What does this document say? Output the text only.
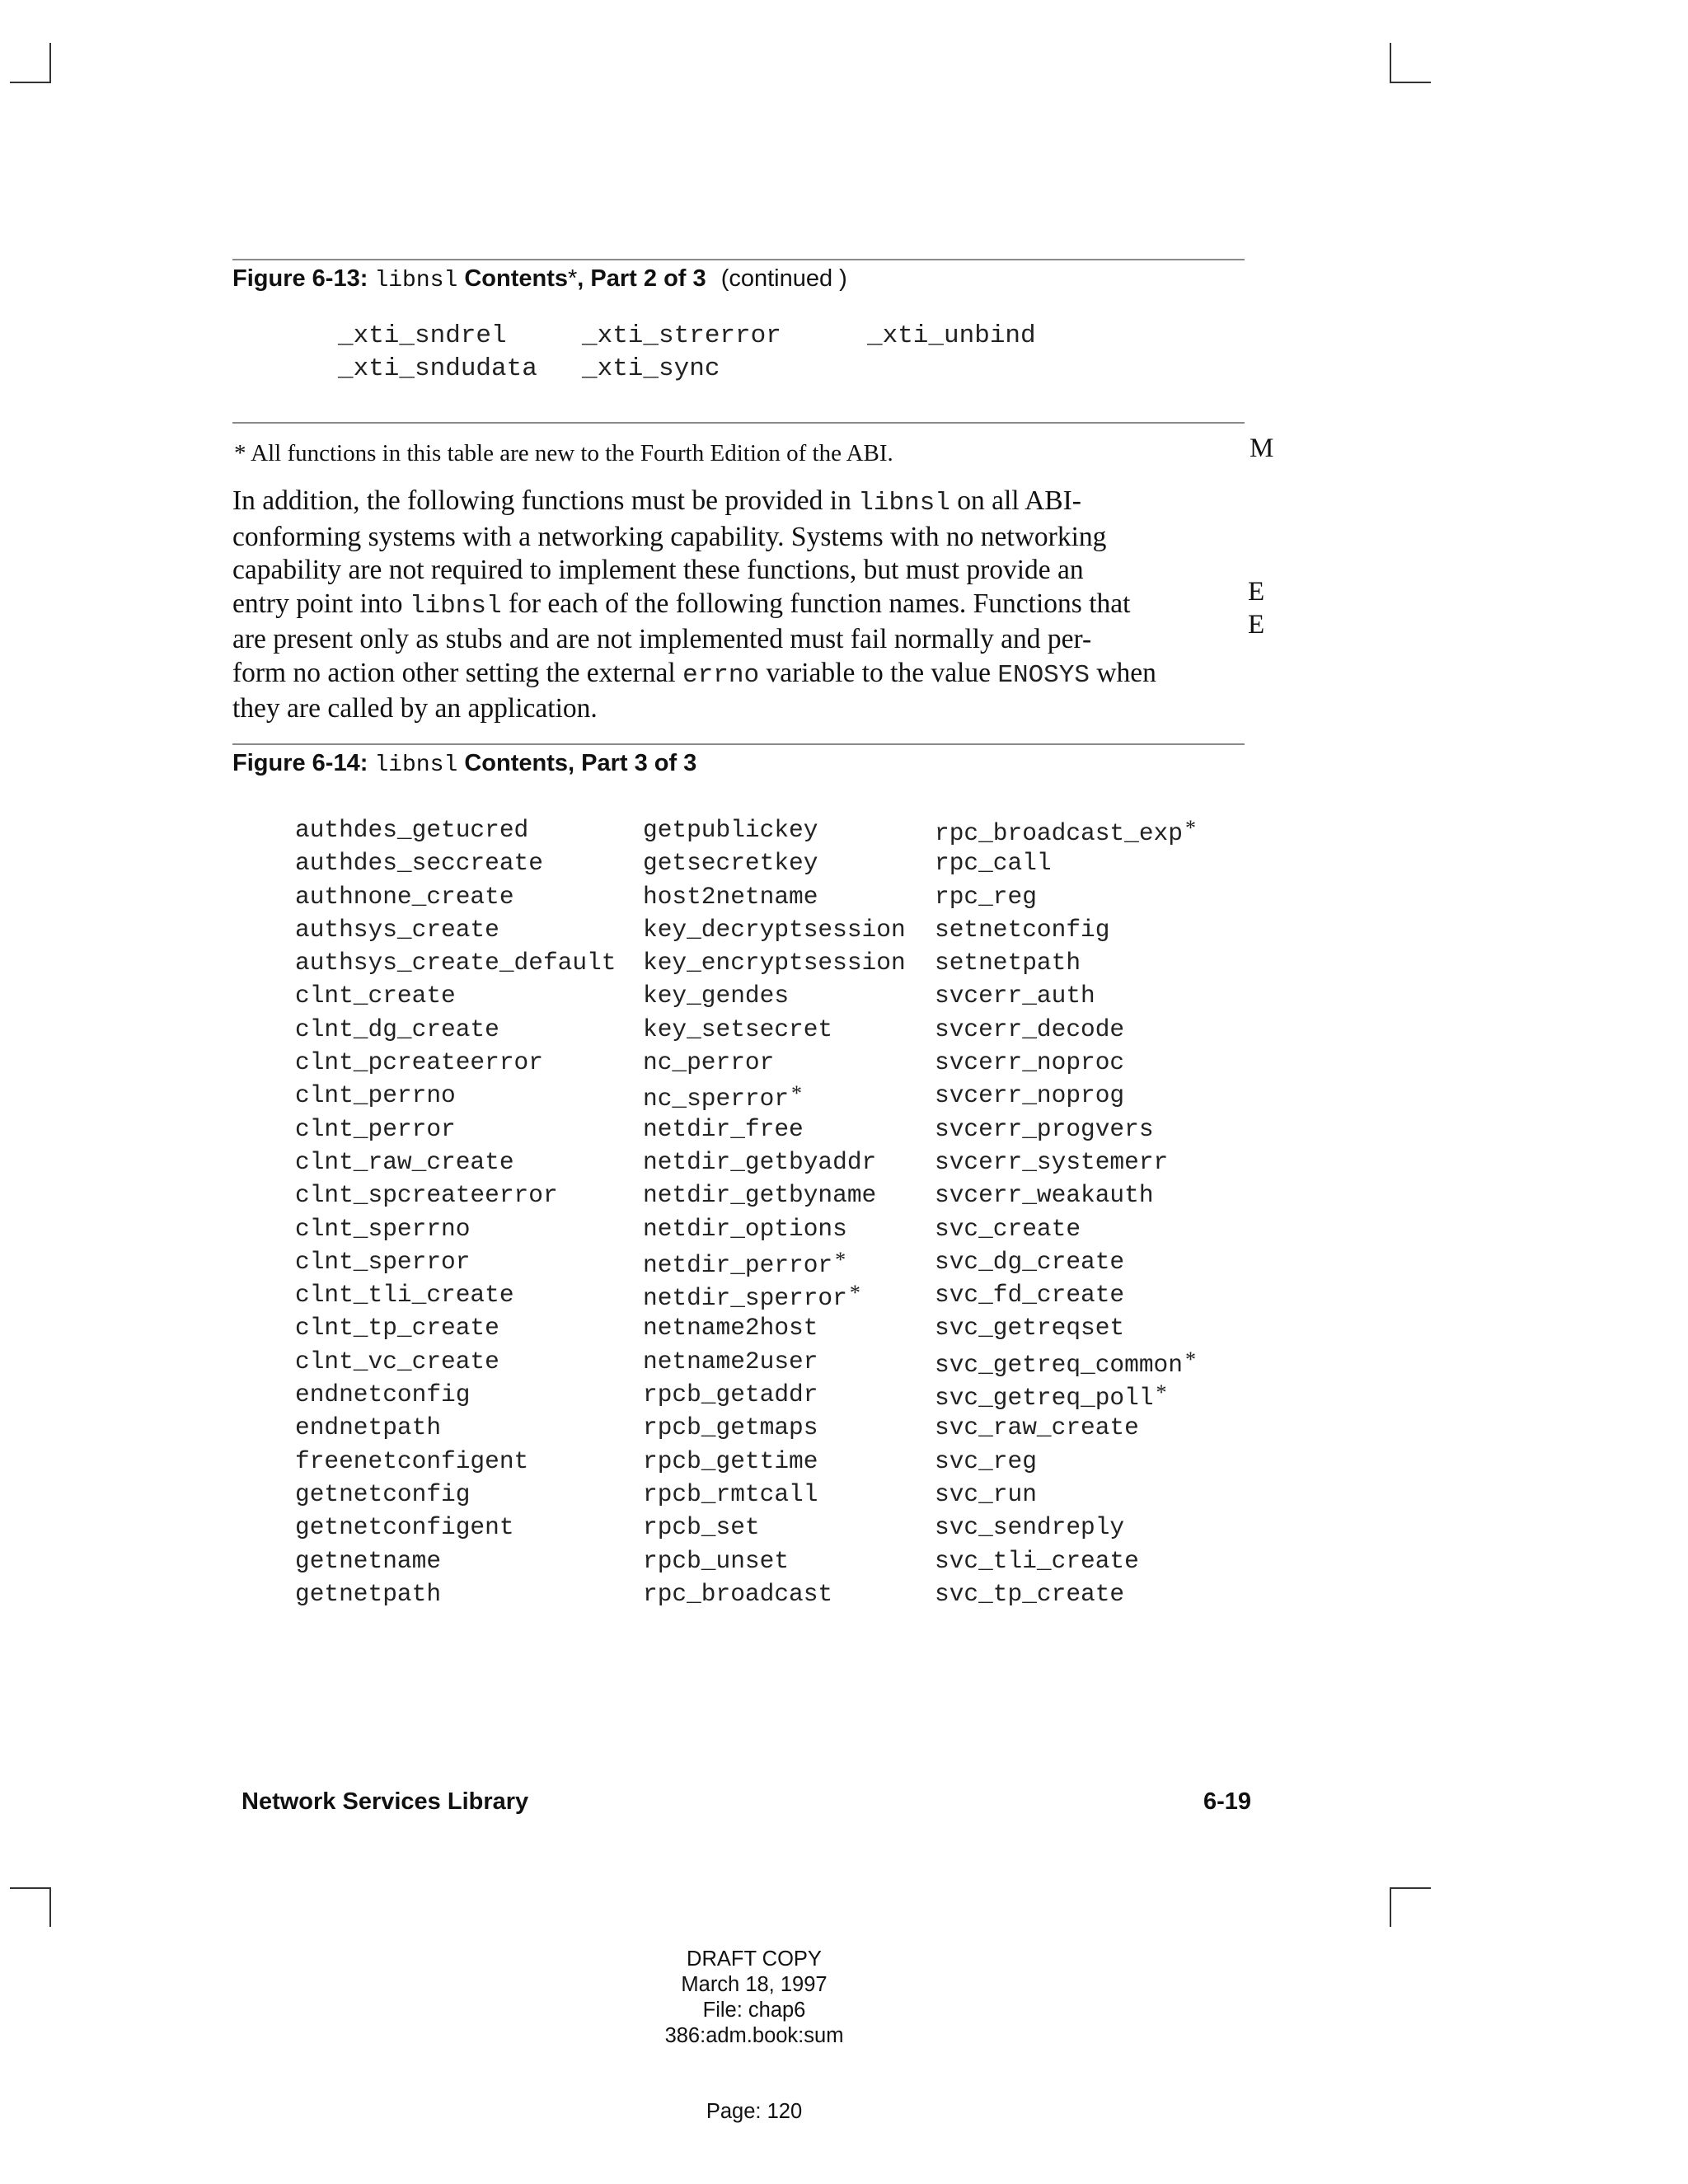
Figure 6-13: libnsl Contents*, Part 2 of 3 (continued )
_xti_sndrel	_xti_strerror	_xti_unbind
_xti_sndudata	_xti_sync
* All functions in this table are new to the Fourth Edition of the ABI.	M
In addition, the following functions must be provided in libnsl on all ABI-
conforming systems with a networking capability. Systems with no networking
capability are not required to implement these functions, but must provide an
entry point into libnsl for each of the following function names. Functions that
are present only as stubs and are not implemented must fail normally and per-
form no action other setting the external errno variable to the value ENOSYS when
they are called by an application.
E
E
Figure 6-14: libnsl Contents, Part 3 of 3
authdes_getucred	getpublickey	rpc_broadcast_exp *
authdes_seccreate	getsecretkey	rpc_call
authnone_create	host2netname	rpc_reg
authsys_create	key_decryptsession	setnetconfig
authsys_create_default	key_encryptsession	setnetpath
clnt_create	key_gendes	svcerr_auth
clnt_dg_create	key_setsecret	svcerr_decode
clnt_pcreateerror	nc_perror	svcerr_noproc
clnt_perrno	nc_sperror *	svcerr_noprog
clnt_perror	netdir_free	svcerr_progvers
clnt_raw_create	netdir_getbyaddr	svcerr_systemerr
clnt_spcreateerror	netdir_getbyname	svcerr_weakauth
clnt_sperrno	netdir_options	svc_create
clnt_sperror	netdir_perror *	svc_dg_create
clnt_tli_create	netdir_sperror *	svc_fd_create
clnt_tp_create	netname2host	svc_getreqset
clnt_vc_create	netname2user	svc_getreq_common *
endnetconfig	rpcb_getaddr	svc_getreq_poll *
endnetpath	rpcb_getmaps	svc_raw_create
freenetconfigent	rpcb_gettime	svc_reg
getnetconfig	rpcb_rmtcall	svc_run
getnetconfigent	rpcb_set	svc_sendreply
getnetname	rpcb_unset	svc_tli_create
getnetpath	rpc_broadcast	svc_tp_create
Network Services Library	6-19
DRAFT COPY
March 18, 1997
File: chap6
386:adm.book:sum
Page: 120
